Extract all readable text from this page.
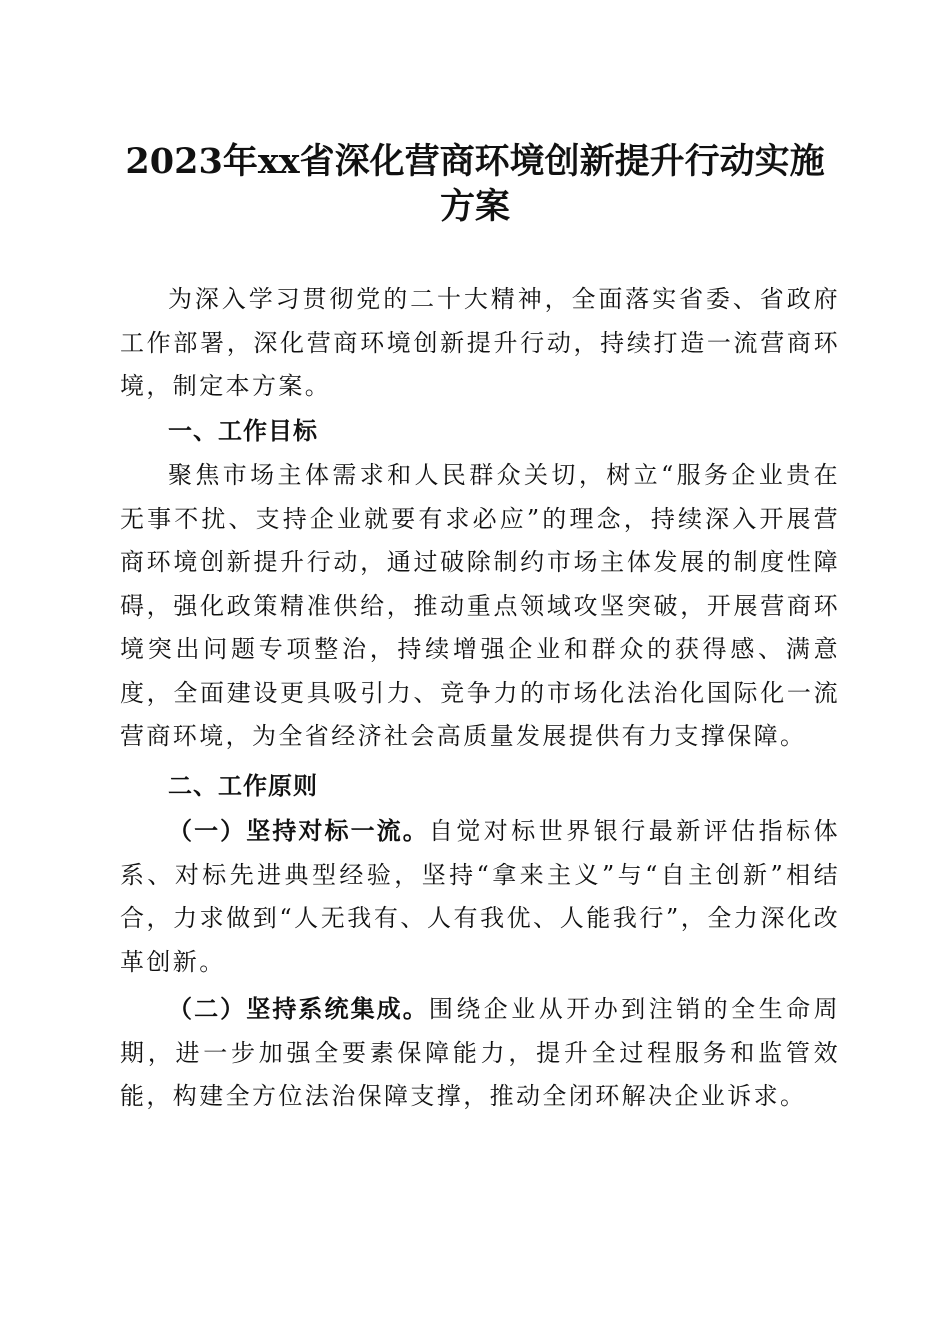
2023年xx省深化营商环境创新提升行动实施
方案

为深入学习贯彻党的二十大精神，全面落实省委、省政府工作部署，深化营商环境创新提升行动，持续打造一流营商环境，制定本方案。

一、工作目标

聚焦市场主体需求和人民群众关切，树立“服务企业贵在无事不扰、支持企业就要有求必应”的理念，持续深入开展营商环境创新提升行动，通过破除制约市场主体发展的制度性障碍，强化政策精准供给，推动重点领域攻坚突破，开展营商环境突出问题专项整治，持续增强企业和群众的获得感、满意度，全面建设更具吸引力、竞争力的市场化法治化国际化一流营商环境，为全省经济社会高质量发展提供有力支撑保障。

二、工作原则

（一）坚持对标一流。自觉对标世界银行最新评估指标体系、对标先进典型经验，坚持“拿来主义”与“自主创新”相结合，力求做到“人无我有、人有我优、人能我行”，全力深化改革创新。

（二）坚持系统集成。围绕企业从开办到注销的全生命周期，进一步加强全要素保障能力，提升全过程服务和监管效能，构建全方位法治保障支撑，推动全闭环解决企业诉求。
